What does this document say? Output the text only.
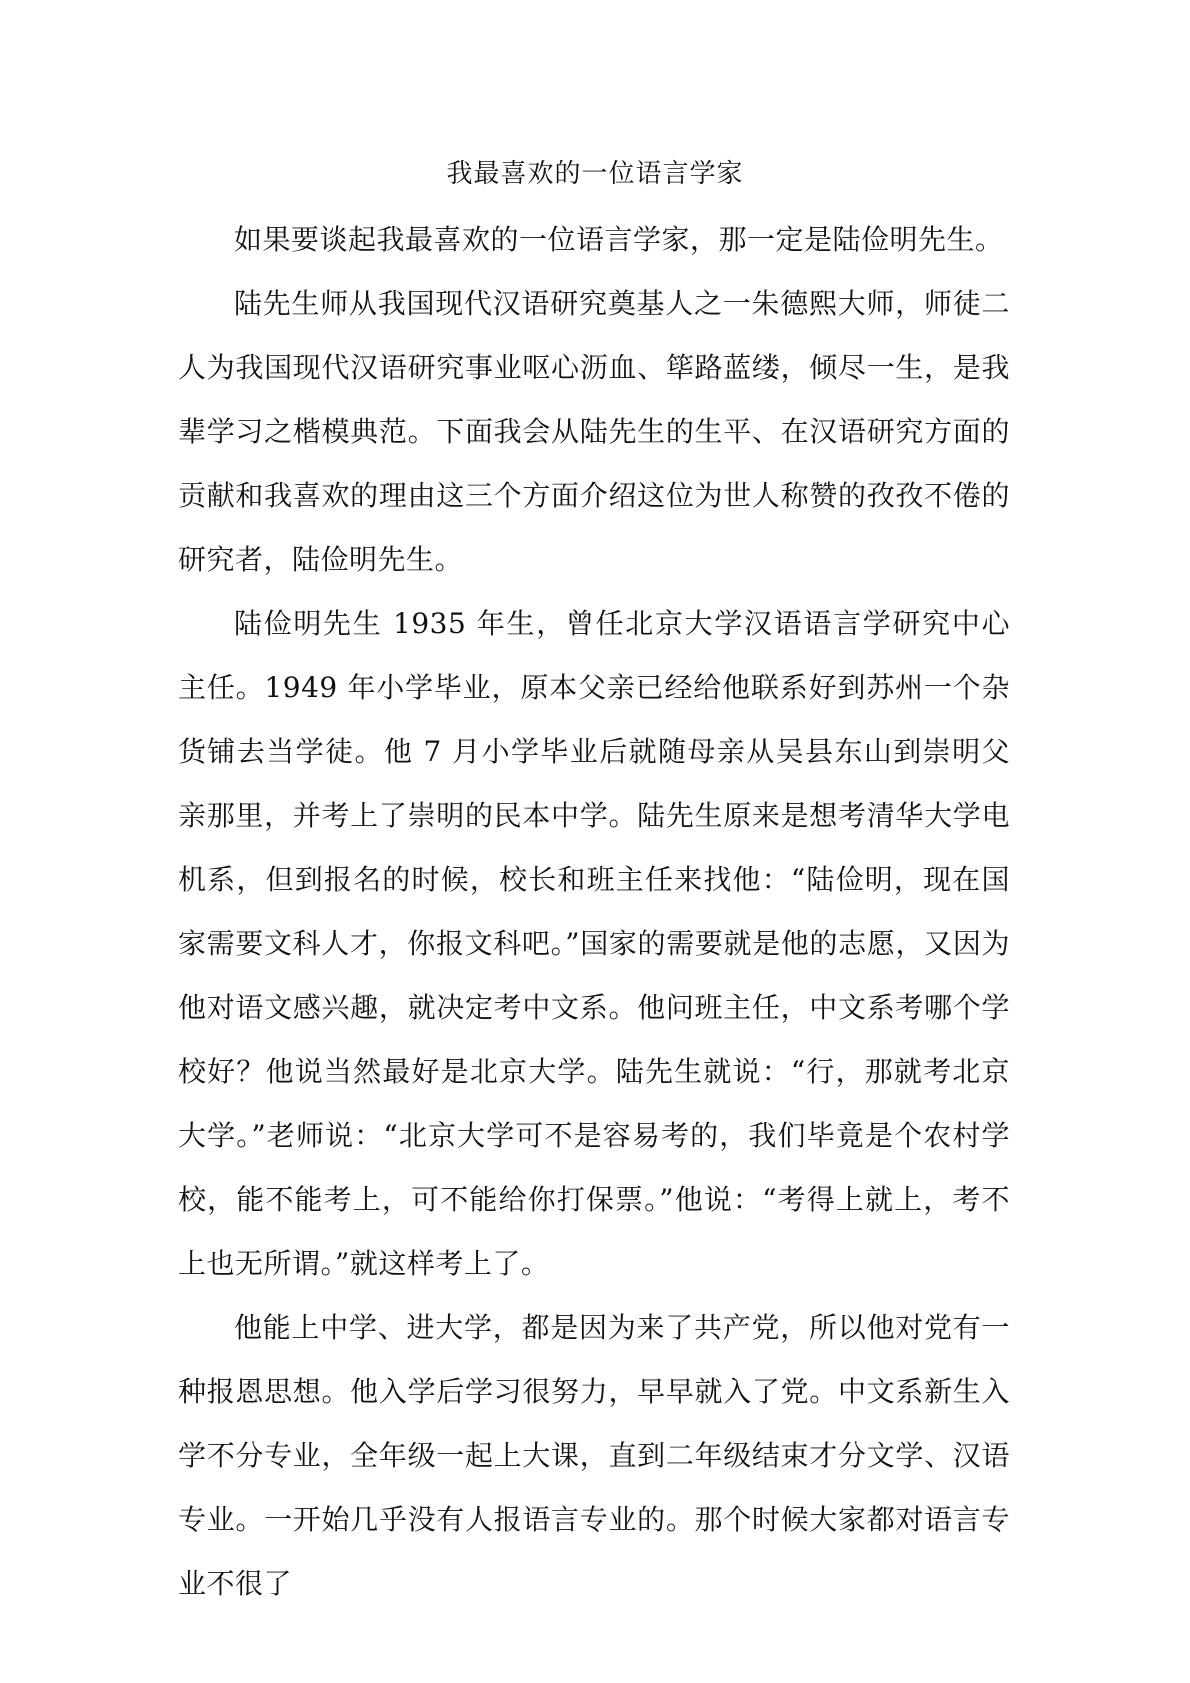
我最喜欢的一位语言学家

如果要谈起我最喜欢的一位语言学家，那一定是陆俭明先生。

陆先生师从我国现代汉语研究奠基人之一朱德熙大师，师徒二人为我国现代汉语研究事业呕心沥血、筚路蓝缕，倾尽一生，是我辈学习之楷模典范。下面我会从陆先生的生平、在汉语研究方面的贡献和我喜欢的理由这三个方面介绍这位为世人称赞的孜孜不倦的研究者，陆俭明先生。

陆俭明先生 1935 年生，曾任北京大学汉语语言学研究中心主任。1949 年小学毕业，原本父亲已经给他联系好到苏州一个杂货铺去当学徒。他 7 月小学毕业后就随母亲从吴县东山到崇明父亲那里，并考上了崇明的民本中学。陆先生原来是想考清华大学电机系，但到报名的时候，校长和班主任来找他：“陆俭明，现在国家需要文科人才，你报文科吧。”国家的需要就是他的志愿，又因为他对语文感兴趣，就决定考中文系。他问班主任，中文系考哪个学校好？他说当然最好是北京大学。陆先生就说：“行，那就考北京大学。”老师说：“北京大学可不是容易考的，我们毕竟是个农村学校，能不能考上，可不能给你打保票。”他说：“考得上就上，考不上也无所谓。”就这样考上了。

他能上中学、进大学，都是因为来了共产党，所以他对党有一种报恩思想。他入学后学习很努力，早早就入了党。中文系新生入学不分专业，全年级一起上大课，直到二年级结束才分文学、汉语专业。一开始几乎没有人报语言专业的。那个时候大家都对语言专业不很了
